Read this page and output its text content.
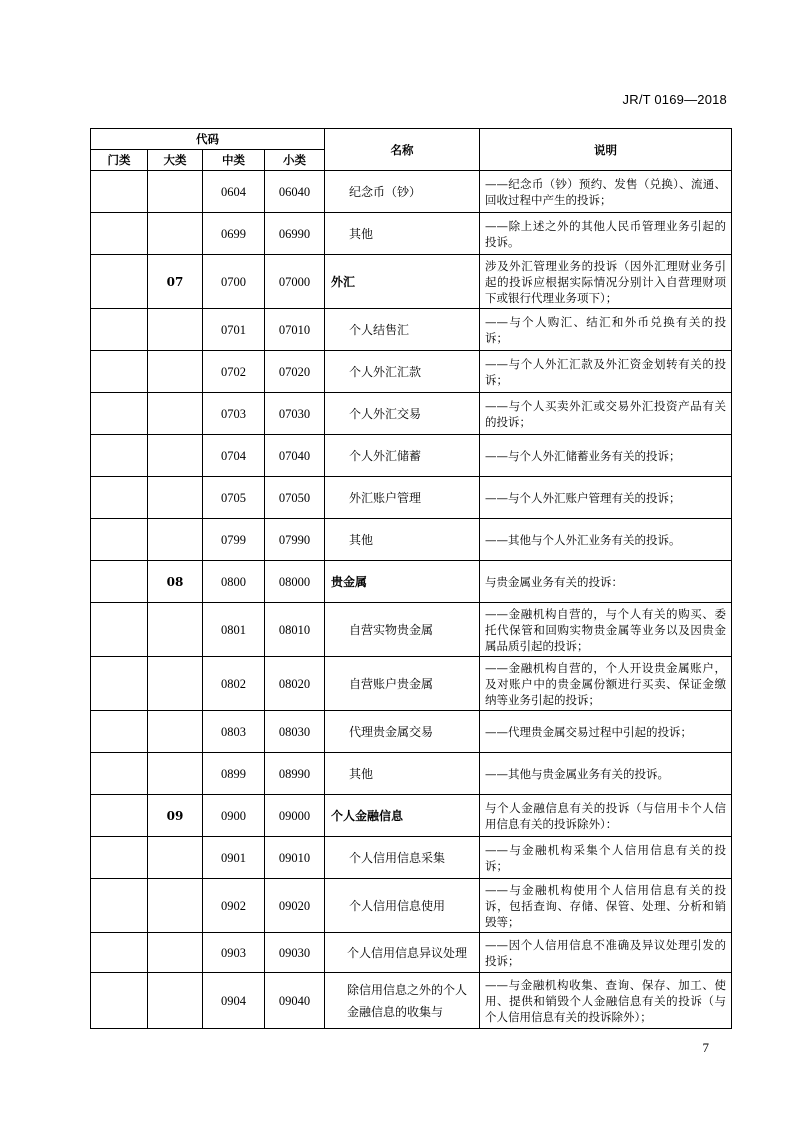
JR/T 0169—2018
代码				名称	说明
门类	大类	中类	小类		
		0604	06040	纪念币（钞）	——纪念币（钞）预约、发售（兑换）、流通、回收过程中产生的投诉；
		0699	06990	其他	——除上述之外的其他人民币管理业务引起的投诉。
	07	0700	07000	外汇	涉及外汇管理业务的投诉（因外汇理财业务引起的投诉应根据实际情况分别计入自营理财项下或银行代理业务项下）；
		0701	07010	个人结售汇	——与个人购汇、结汇和外币兑换有关的投诉；
		0702	07020	个人外汇汇款	——与个人外汇汇款及外汇资金划转有关的投诉；
		0703	07030	个人外汇交易	——与个人买卖外汇或交易外汇投资产品有关的投诉；
		0704	07040	个人外汇储蓄	——与个人外汇储蓄业务有关的投诉；
		0705	07050	外汇账户管理	——与个人外汇账户管理有关的投诉；
		0799	07990	其他	——其他与个人外汇业务有关的投诉。
	08	0800	08000	贵金属	与贵金属业务有关的投诉：
		0801	08010	自营实物贵金属	——金融机构自营的，与个人有关的购买、委托代保管和回购实物贵金属等业务以及因贵金属品质引起的投诉；
		0802	08020	自营账户贵金属	——金融机构自营的，个人开设贵金属账户，及对账户中的贵金属份额进行买卖、保证金缴纳等业务引起的投诉；
		0803	08030	代理贵金属交易	——代理贵金属交易过程中引起的投诉；
		0899	08990	其他	——其他与贵金属业务有关的投诉。
	09	0900	09000	个人金融信息	与个人金融信息有关的投诉（与信用卡个人信用信息有关的投诉除外）：
		0901	09010	个人信用信息采集	——与金融机构采集个人信用信息有关的投诉；
		0902	09020	个人信用信息使用	——与金融机构使用个人信用信息有关的投诉，包括查询、存储、保管、处理、分析和销毁等；
		0903	09030	个人信用信息异议处理	——因个人信用信息不准确及异议处理引发的投诉；
		0904	09040	除信用信息之外的个人金融信息的收集与	——与金融机构收集、查询、保存、加工、使用、提供和销毁个人金融信息有关的投诉（与个人信用信息有关的投诉除外）；
7
